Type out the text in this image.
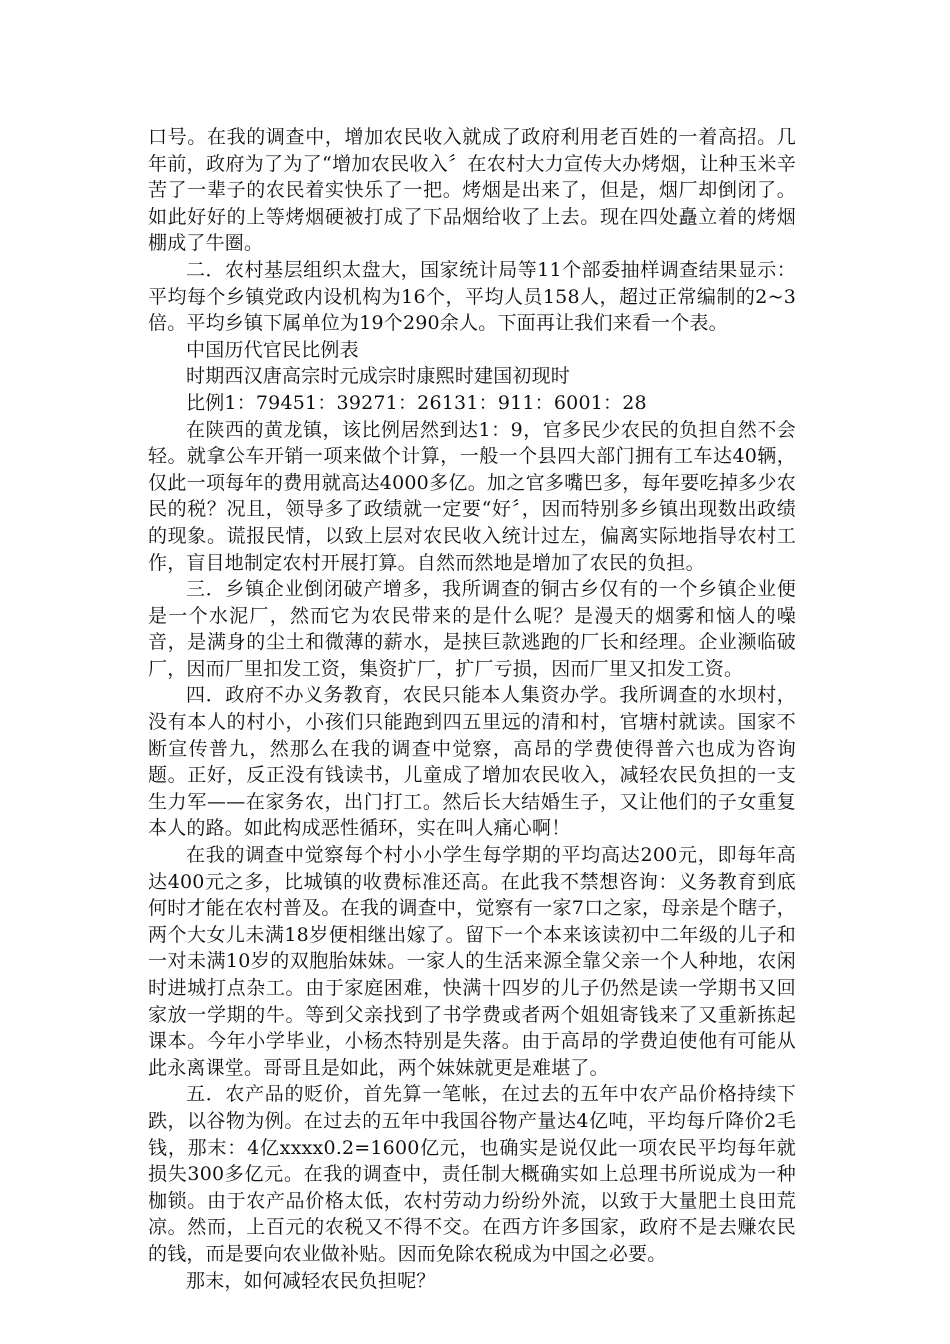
口号。在我的调查中，增加农民收入就成了政府利用老百姓的一着高招。几年前，政府为了为了“增加农民收入〞在农村大力宣传大办烤烟，让种玉米辛苦了一辈子的农民着实快乐了一把。烤烟是出来了，但是，烟厂却倒闭了。如此好好的上等烤烟硬被打成了下品烟给收了上去。现在四处矗立着的烤烟棚成了牛圈。

二．农村基层组织太盘大，国家统计局等11个部委抽样调查结果显示：平均每个乡镇党政内设机构为16个，平均人员158人，超过正常编制的2~3倍。平均乡镇下属单位为19个290余人。下面再让我们来看一个表。

中国历代官民比例表

时期西汉唐高宗时元成宗时康熙时建国初现时

比例1：79451：39271：26131：911：6001：28

在陕西的黄龙镇，该比例居然到达1：9，官多民少农民的负担自然不会轻。就拿公车开销一项来做个计算，一般一个县四大部门拥有工车达40辆，仅此一项每年的费用就高达4000多亿。加之官多嘴巴多，每年要吃掉多少农民的税？况且，领导多了政绩就一定要“好〞，因而特别多乡镇出现数出政绩的现象。谎报民情，以致上层对农民收入统计过左，偏离实际地指导农村工作，盲目地制定农村开展打算。自然而然地是增加了农民的负担。

三．乡镇企业倒闭破产增多，我所调查的铜古乡仅有的一个乡镇企业便是一个水泥厂，然而它为农民带来的是什么呢？是漫天的烟雾和恼人的噪音，是满身的尘土和微薄的薪水，是挟巨款逃跑的厂长和经理。企业濒临破厂，因而厂里扣发工资，集资扩厂，扩厂亏损，因而厂里又扣发工资。

四．政府不办义务教育，农民只能本人集资办学。我所调查的水坝村，没有本人的村小，小孩们只能跑到四五里远的清和村，官塘村就读。国家不断宣传普九，然那么在我的调查中觉察，高昂的学费使得普六也成为咨询题。正好，反正没有钱读书，儿童成了增加农民收入，减轻农民负担的一支生力军——在家务农，出门打工。然后长大结婚生子，又让他们的子女重复本人的路。如此构成恶性循环，实在叫人痛心啊！

在我的调查中觉察每个村小小学生每学期的平均高达200元，即每年高达400元之多，比城镇的收费标准还高。在此我不禁想咨询：义务教育到底何时才能在农村普及。在我的调查中，觉察有一家7口之家，母亲是个瞎子，两个大女儿未满18岁便相继出嫁了。留下一个本来该读初中二年级的儿子和一对未满10岁的双胞胎妹妹。一家人的生活来源全靠父亲一个人种地，农闲时进城打点杂工。由于家庭困难，快满十四岁的儿子仍然是读一学期书又回家放一学期的牛。等到父亲找到了书学费或者两个姐姐寄钱来了又重新拣起课本。今年小学毕业，小杨杰特别是失落。由于高昂的学费迫使他有可能从此永离课堂。哥哥且是如此，两个妹妹就更是难堪了。

五．农产品的贬价，首先算一笔帐，在过去的五年中农产品价格持续下跌，以谷物为例。在过去的五年中我国谷物产量达4亿吨，平均每斤降价2毛钱，那末：4亿xxxx0.2=1600亿元，也确实是说仅此一项农民平均每年就损失300多亿元。在我的调查中，责任制大概确实如上总理书所说成为一种枷锁。由于农产品价格太低，农村劳动力纷纷外流，以致于大量肥土良田荒凉。然而，上百元的农税又不得不交。在西方许多国家，政府不是去赚农民的钱，而是要向农业做补贴。因而免除农税成为中国之必要。

那末，如何减轻农民负担呢？
